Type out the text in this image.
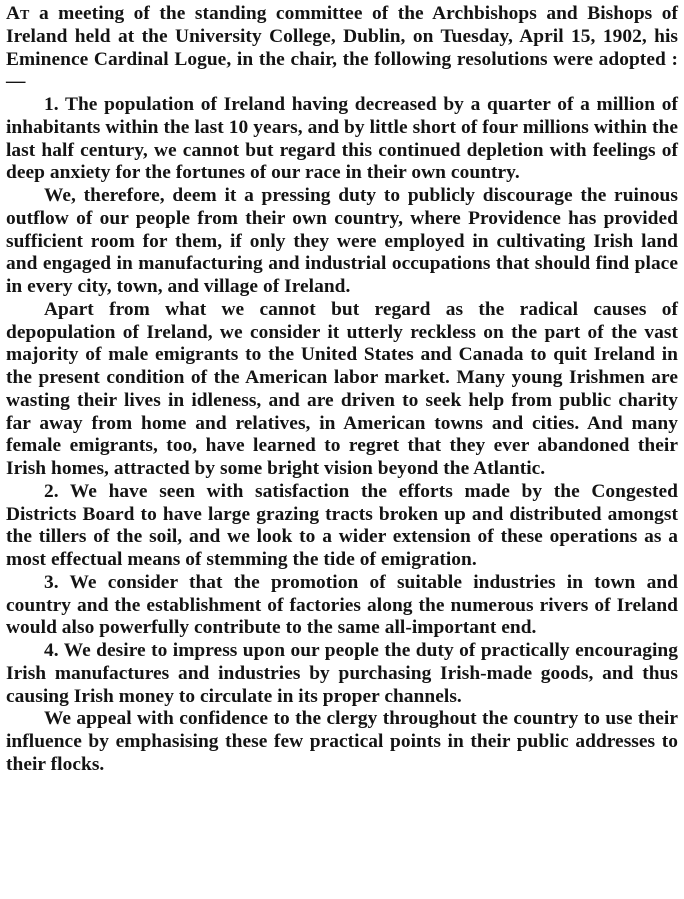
At a meeting of the standing committee of the Archbishops and Bishops of Ireland held at the University College, Dublin, on Tuesday, April 15, 1902, his Eminence Cardinal Logue, in the chair, the following resolutions were adopted :—

1. The population of Ireland having decreased by a quarter of a million of inhabitants within the last 10 years, and by little short of four millions within the last half century, we cannot but regard this continued depletion with feelings of deep anxiety for the fortunes of our race in their own country.

We, therefore, deem it a pressing duty to publicly discourage the ruinous outflow of our people from their own country, where Providence has provided sufficient room for them, if only they were employed in cultivating Irish land and engaged in manufacturing and industrial occupations that should find place in every city, town, and village of Ireland.

Apart from what we cannot but regard as the radical causes of depopulation of Ireland, we consider it utterly reckless on the part of the vast majority of male emigrants to the United States and Canada to quit Ireland in the present condition of the American labor market. Many young Irishmen are wasting their lives in idleness, and are driven to seek help from public charity far away from home and relatives, in American towns and cities. And many female emigrants, too, have learned to regret that they ever abandoned their Irish homes, attracted by some bright vision beyond the Atlantic.

2. We have seen with satisfaction the efforts made by the Congested Districts Board to have large grazing tracts broken up and distributed amongst the tillers of the soil, and we look to a wider extension of these operations as a most effectual means of stemming the tide of emigration.

3. We consider that the promotion of suitable industries in town and country and the establishment of factories along the numerous rivers of Ireland would also powerfully contribute to the same all-important end.

4. We desire to impress upon our people the duty of practically encouraging Irish manufactures and industries by purchasing Irish-made goods, and thus causing Irish money to circulate in its proper channels.

We appeal with confidence to the clergy throughout the country to use their influence by emphasising these few practical points in their public addresses to their flocks.
